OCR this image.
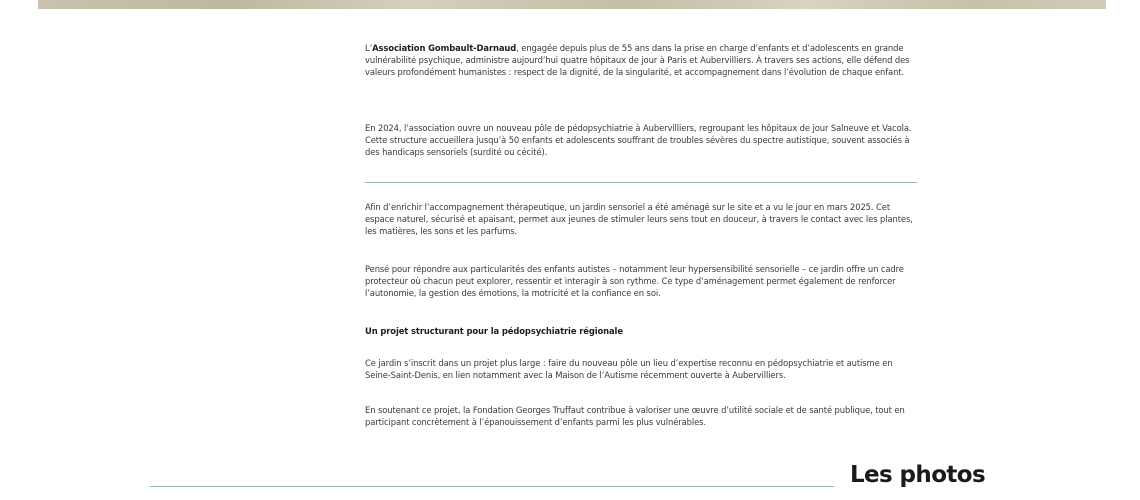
L’Association Gombault-Darnaud, engagée depuis plus de 55 ans dans la prise en charge d’enfants et d’adolescents en grande vulnérabilité psychique, administre aujourd’hui quatre hôpitaux de jour à Paris et Aubervilliers. À travers ses actions, elle défend des valeurs profondément humanistes : respect de la dignité, de la singularité, et accompagnement dans l’évolution de chaque enfant.

En 2024, l’association ouvre un nouveau pôle de pédopsychiatrie à Aubervilliers, regroupant les hôpitaux de jour Salneuve et Vacola. Cette structure accueillera jusqu’à 50 enfants et adolescents souffrant de troubles sévères du spectre autistique, souvent associés à des handicaps sensoriels (surdité ou cécité).

Afin d’enrichir l’accompagnement thérapeutique, un jardin sensoriel a été aménagé sur le site et a vu le jour en mars 2025. Cet espace naturel, sécurisé et apaisant, permet aux jeunes de stimuler leurs sens tout en douceur, à travers le contact avec les plantes, les matières, les sons et les parfums.

Pensé pour répondre aux particularités des enfants autistes – notamment leur hypersensibilité sensorielle – ce jardin offre un cadre protecteur où chacun peut explorer, ressentir et interagir à son rythme. Ce type d’aménagement permet également de renforcer l’autonomie, la gestion des émotions, la motricité et la confiance en soi.

Un projet structurant pour la pédopsychiatrie régionale

Ce jardin s’inscrit dans un projet plus large : faire du nouveau pôle un lieu d’expertise reconnu en pédopsychiatrie et autisme en Seine-Saint-Denis, en lien notamment avec la Maison de l’Autisme récemment ouverte à Aubervilliers.

En soutenant ce projet, la Fondation Georges Truffaut contribue à valoriser une œuvre d’utilité sociale et de santé publique, tout en participant concrètement à l’épanouissement d’enfants parmi les plus vulnérables.

Les photos
